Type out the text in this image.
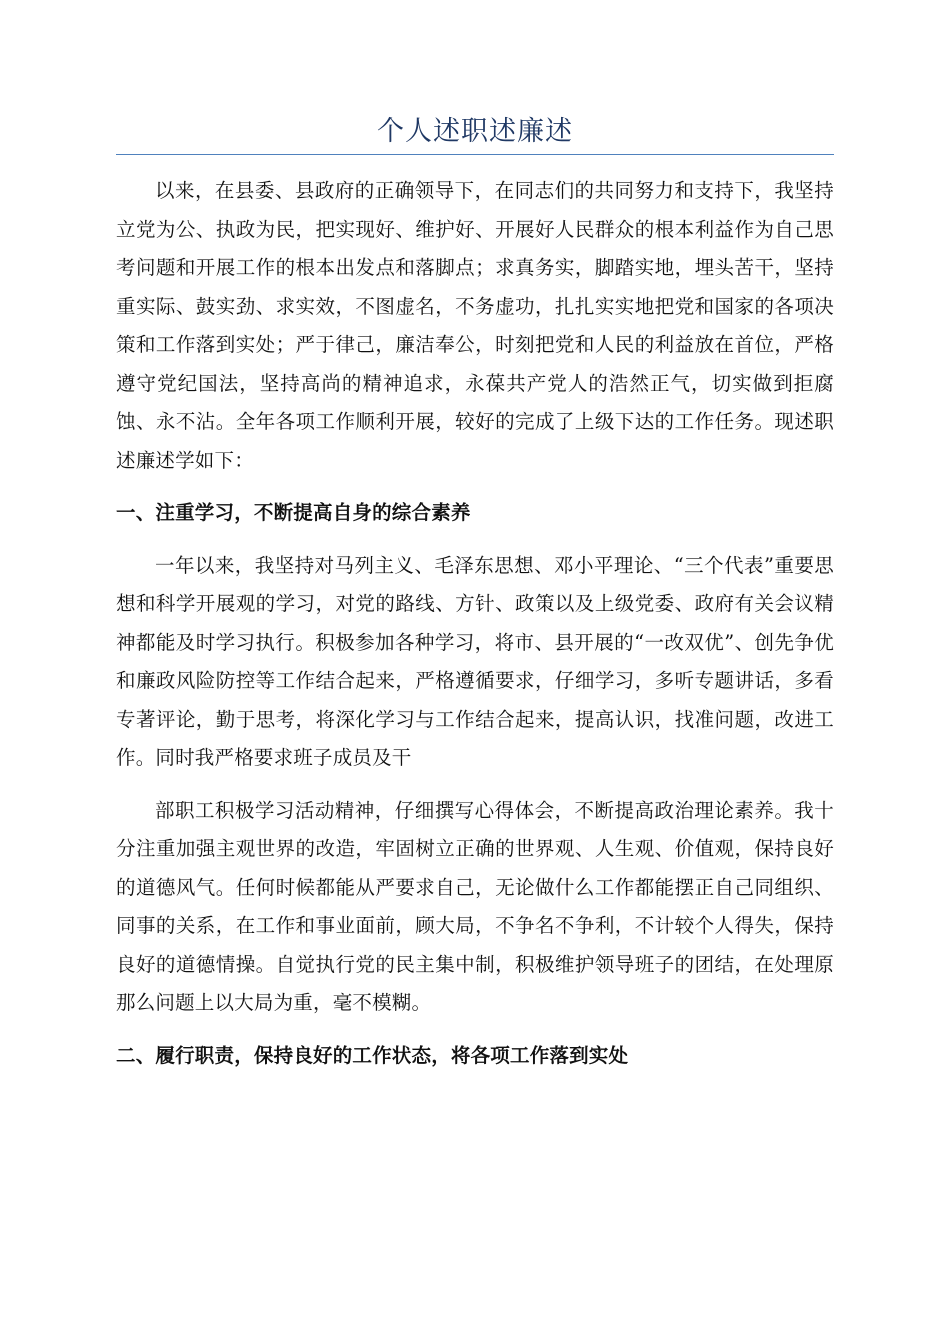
个人述职述廉述

以来，在县委、县政府的正确领导下，在同志们的共同努力和支持下，我坚持立党为公、执政为民，把实现好、维护好、开展好人民群众的根本利益作为自己思考问题和开展工作的根本出发点和落脚点；求真务实，脚踏实地，埋头苦干，坚持重实际、鼓实劲、求实效，不图虚名，不务虚功，扎扎实实地把党和国家的各项决策和工作落到实处；严于律己，廉洁奉公，时刻把党和人民的利益放在首位，严格遵守党纪国法，坚持高尚的精神追求，永葆共产党人的浩然正气，切实做到拒腐蚀、永不沾。全年各项工作顺利开展，较好的完成了上级下达的工作任务。现述职述廉述学如下：

一、注重学习，不断提高自身的综合素养

一年以来，我坚持对马列主义、毛泽东思想、邓小平理论、“三个代表”重要思想和科学开展观的学习，对党的路线、方针、政策以及上级党委、政府有关会议精神都能及时学习执行。积极参加各种学习，将市、县开展的“一改双优”、创先争优和廉政风险防控等工作结合起来，严格遵循要求，仔细学习，多听专题讲话，多看专著评论，勤于思考，将深化学习与工作结合起来，提高认识，找准问题，改进工作。同时我严格要求班子成员及干

部职工积极学习活动精神，仔细撰写心得体会，不断提高政治理论素养。我十分注重加强主观世界的改造，牢固树立正确的世界观、人生观、价值观，保持良好的道德风气。任何时候都能从严要求自己，无论做什么工作都能摆正自己同组织、同事的关系，在工作和事业面前，顾大局，不争名不争利，不计较个人得失，保持良好的道德情操。自觉执行党的民主集中制，积极维护领导班子的团结，在处理原那么问题上以大局为重，毫不模糊。

二、履行职责，保持良好的工作状态，将各项工作落到实处
